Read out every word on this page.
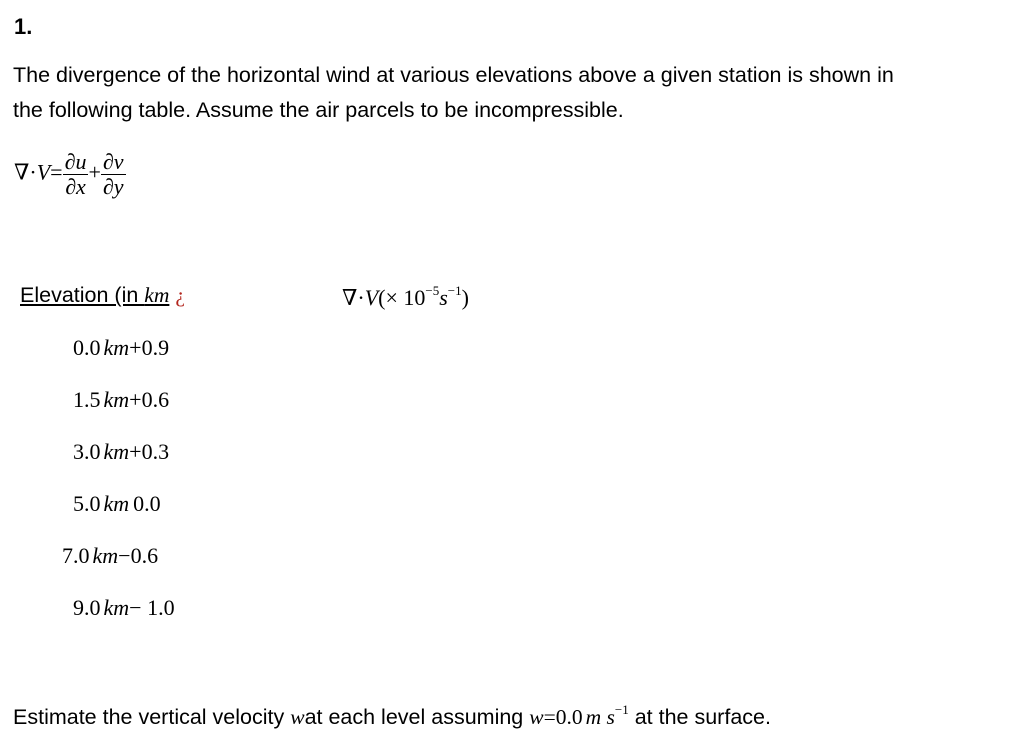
1.
The divergence of the horizontal wind at various elevations above a given station is shown in
the following table. Assume the air parcels to be incompressible.
$\nabla\cdot V= \frac{\partial u}{\partial x} + \frac{\partial v}{\partial y}$
Elevation (in km ¿	$\nabla\cdot V(\times 10^{-5}s^{-1})$
0.0 km+0.9
1.5 km+0.6
3.0 km+0.3
5.0 km 0.0
7.0 km−0.6
9.0 km− 1.0
Estimate the vertical velocity wat each level assuming w=0.0 m $s^{-1}$ at the surface.
